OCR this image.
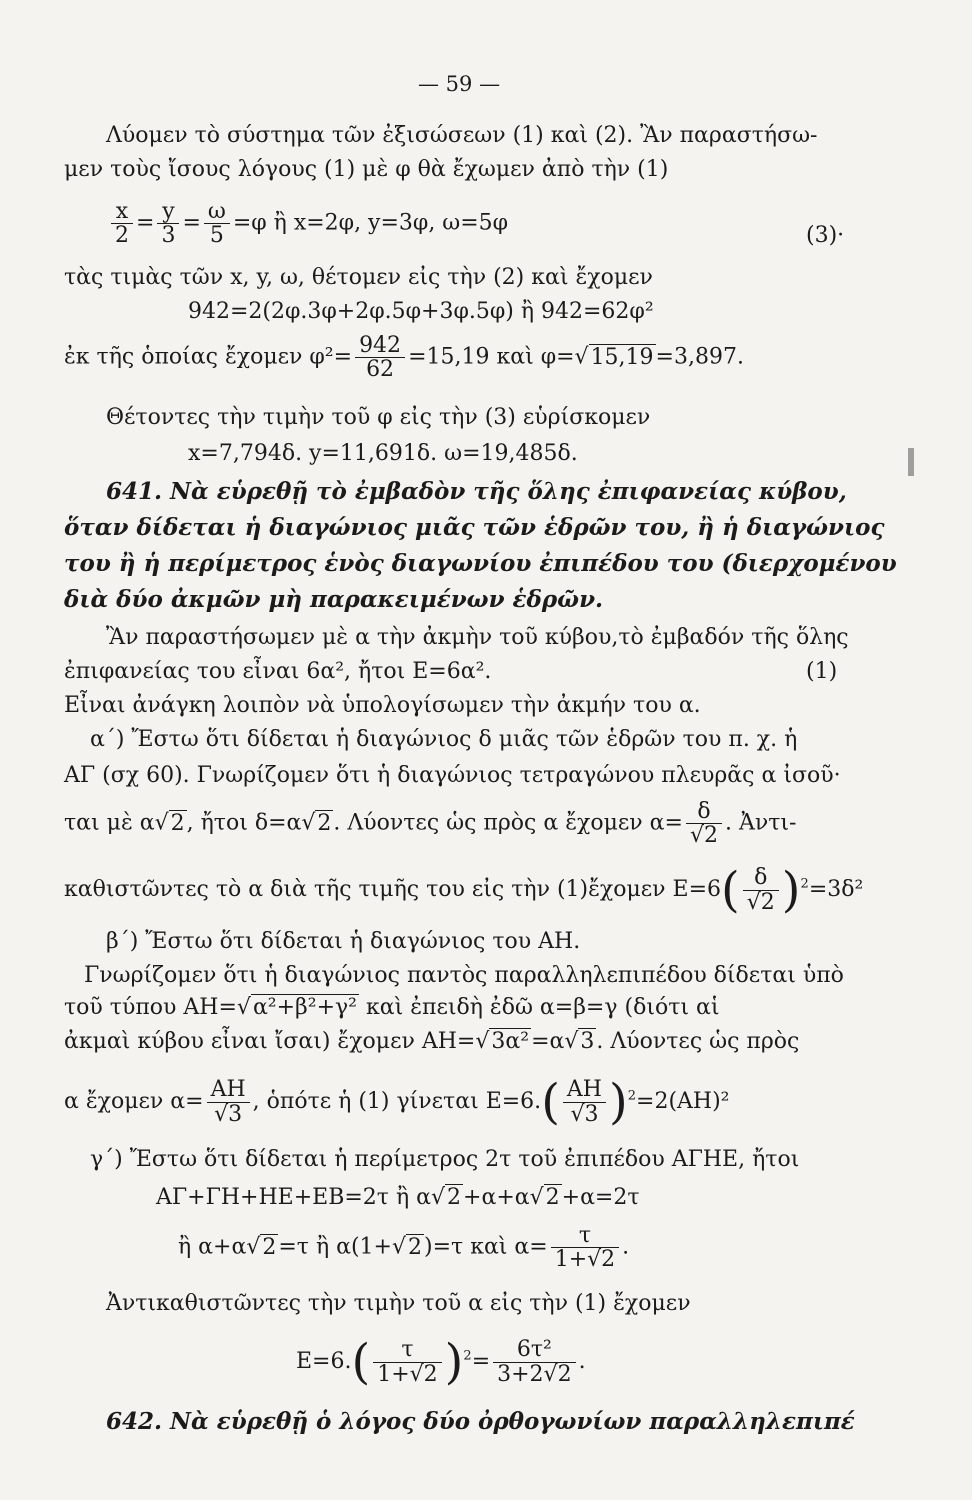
— 59 —
Λύομεν τὸ σύστημα τῶν ἐξισώσεων (1) καὶ (2). Ἂν παραστήσω-
μεν τοὺς ἴσους λόγους (1) μὲ φ θὰ ἔχωμεν ἀπὸ τὴν (1)
$\frac{x}{2} = \frac{y}{3} = \frac{\omega}{5} =\varphi$ ἢ x=2φ, y=3φ, ω=5φ	(3)·
τὰς τιμὰς τῶν x, y, ω, θέτομεν εἰς τὴν (2) καὶ ἔχομεν
942=2(2φ.3φ+2φ.5φ+3φ.5φ) ἢ 942=62φ²
ἐκ τῆς ὁποίας ἔχομεν $\varphi^2= \frac{942}{62} =15,19$ καὶ φ=√15,19=3,897.
Θέτοντες τὴν τιμὴν τοῦ φ εἰς τὴν (3) εὑρίσκομεν
x=7,794δ. y=11,691δ. ω=19,485δ.
641. Νὰ εὑρεθῇ τὸ ἐμβαδὸν τῆς ὅλης ἐπιφανείας κύβου,
ὅταν δίδεται ἡ διαγώνιος μιᾶς τῶν ἑδρῶν του, ἢ ἡ διαγώνιος
του ἢ ἡ περίμετρος ἑνὸς διαγωνίου ἐπιπέδου του (διερχομένου
διὰ δύο ἀκμῶν μὴ παρακειμένων ἑδρῶν.
Ἂν παραστήσωμεν μὲ α τὴν ἀκμὴν τοῦ κύβου,τὸ ἐμβαδόν τῆς ὅλης
ἐπιφανείας του εἶναι 6α², ἤτοι Ε=6α².	(1)
Εἶναι ἀνάγκη λοιπὸν νὰ ὑπολογίσωμεν τὴν ἀκμήν του α.
α΄) Ἔστω ὅτι δίδεται ἡ διαγώνιος δ μιᾶς τῶν ἑδρῶν του π. χ. ἡ
ΑΓ (σχ 60). Γνωρίζομεν ὅτι ἡ διαγώνιος τετραγώνου πλευρᾶς α ἰσοῦ·
ται μὲ α√2, ἤτοι δ=α√2. Λύοντες ὡς πρὸς α ἔχομεν $\alpha= \frac{\delta}{√2}$ . Ἀντι-
καθιστῶντες τὸ α διὰ τῆς τιμῆς του εἰς τὴν (1)ἔχομεν $E=6( \frac{\delta}{√2} )^2=3\delta^2$
β΄) Ἔστω ὅτι δίδεται ἡ διαγώνιος του ΑΗ.
Γνωρίζομεν ὅτι ἡ διαγώνιος παντὸς παραλληλεπιπέδου δίδεται ὑπὸ
τοῦ τύπου ΑΗ=√α²+β²+γ² καὶ ἐπειδὴ ἐδῶ α=β=γ (διότι αἱ
ἀκμαὶ κύβου εἶναι ἴσαι) ἔχομεν ΑΗ=√3α²=α√3. Λύοντες ὡς πρὸς
α ἔχομεν $\alpha= \frac{AH}{√3}$ , ὁπότε ἡ (1) γίνεται $E=6.( \frac{AH}{√3} )^2=2(AH)^2$
γ΄) Ἔστω ὅτι δίδεται ἡ περίμετρος 2τ τοῦ ἐπιπέδου ΑΓΗΕ, ἤτοι
ΑΓ+ΓΗ+ΗΕ+ΕΒ=2τ ἢ α√2+α+α√2+α=2τ
ἢ α+α√2=τ ἢ α(1+√2)=τ καὶ $\alpha= \frac{\tau}{1+√2}$ .
Ἀντικαθιστῶντες τὴν τιμὴν τοῦ α εἰς τὴν (1) ἔχομεν
$E=6.( \frac{\tau}{1+√2} )^2= \frac{\text{6τ²}}{3+2√2}$ .
642. Νὰ εὑρεθῇ ὁ λόγος δύο ὀρθογωνίων παραλληλεπιπέ
